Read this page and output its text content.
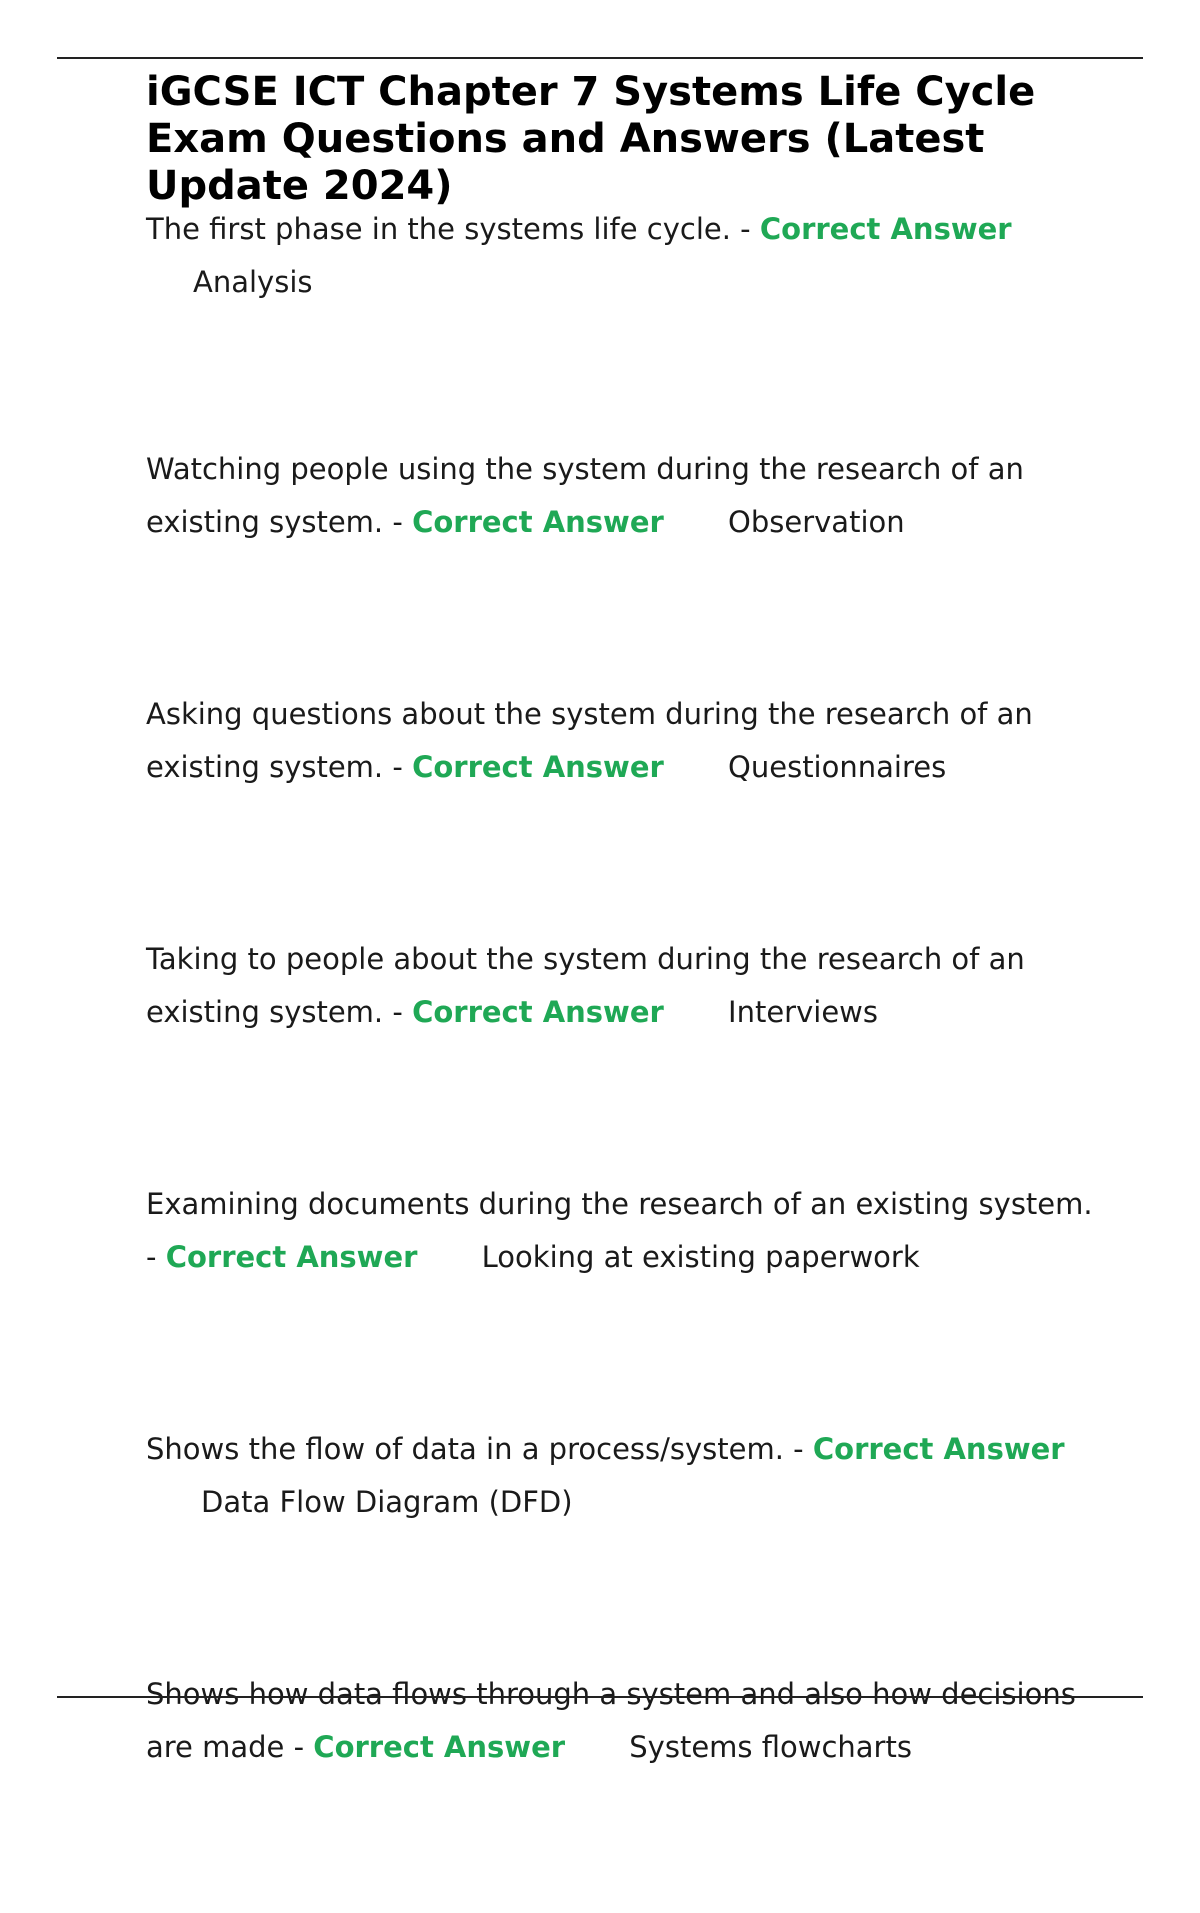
iGCSE ICT Chapter 7 Systems Life Cycle Exam Questions and Answers (Latest Update 2024)
The first phase in the systems life cycle. - Correct Answer
Analysis
Watching people using the system during the research of an existing system. - Correct Answer Observation
Asking questions about the system during the research of an existing system. - Correct Answer Questionnaires
Taking to people about the system during the research of an existing system. - Correct Answer Interviews
Examining documents during the research of an existing system. - Correct Answer Looking at existing paperwork
Shows the flow of data in a process/system. - Correct Answer Data Flow Diagram (DFD)
Shows how data flows through a system and also how decisions are made - Correct Answer Systems flowcharts
